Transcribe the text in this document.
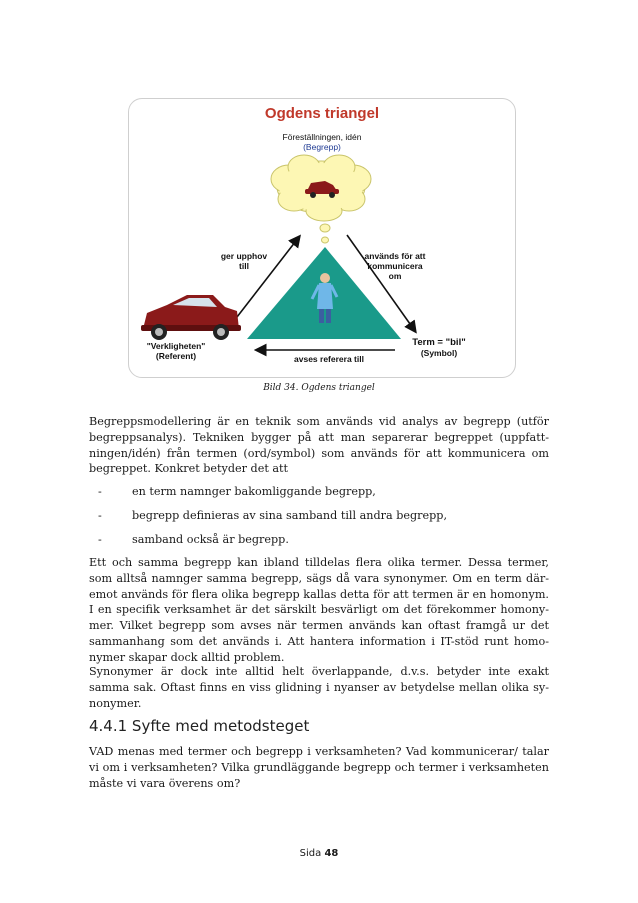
Ogdens triangel
Föreställningen, idén
(Begrepp)
ger upphov
till
används för att
kommunicera
om
"Verkligheten"
(Referent)	avses referera till
Term = "bil"
(Symbol)
Bild 34. Ogdens triangel

Begreppsmodellering är en teknik som används vid analys av begrepp (utför begreppsanalys). Tekniken bygger på att man separerar begreppet (uppfattningen/idén) från termen (ord/symbol) som används för att kommunicera om begreppet. Konkret betyder det att

-	en term namnger bakomliggande begrepp,
-	begrepp definieras av sina samband till andra begrepp,
-	samband också är begrepp.

Ett och samma begrepp kan ibland tilldelas flera olika termer. Dessa termer, som alltså namnger samma begrepp, sägs då vara synonymer. Om en term däremot används för flera olika begrepp kallas detta för att termen är en homonym. I en specifik verksamhet är det särskilt besvärligt om det förekommer homonymer. Vilket begrepp som avses när termen används kan oftast framgå ur det sammanhang som det används i. Att hantera information i IT-stöd runt homonymer skapar dock alltid problem.

Synonymer är dock inte alltid helt överlappande, d.v.s. betyder inte exakt samma sak. Oftast finns en viss glidning i nyanser av betydelse mellan olika synonymer.

4.4.1 Syfte med metodsteget

VAD menas med termer och begrepp i verksamheten? Vad kommunicerar/ talar vi om i verksamheten? Vilka grundläggande begrepp och termer i verksamheten måste vi vara överens om?

Sida 48
